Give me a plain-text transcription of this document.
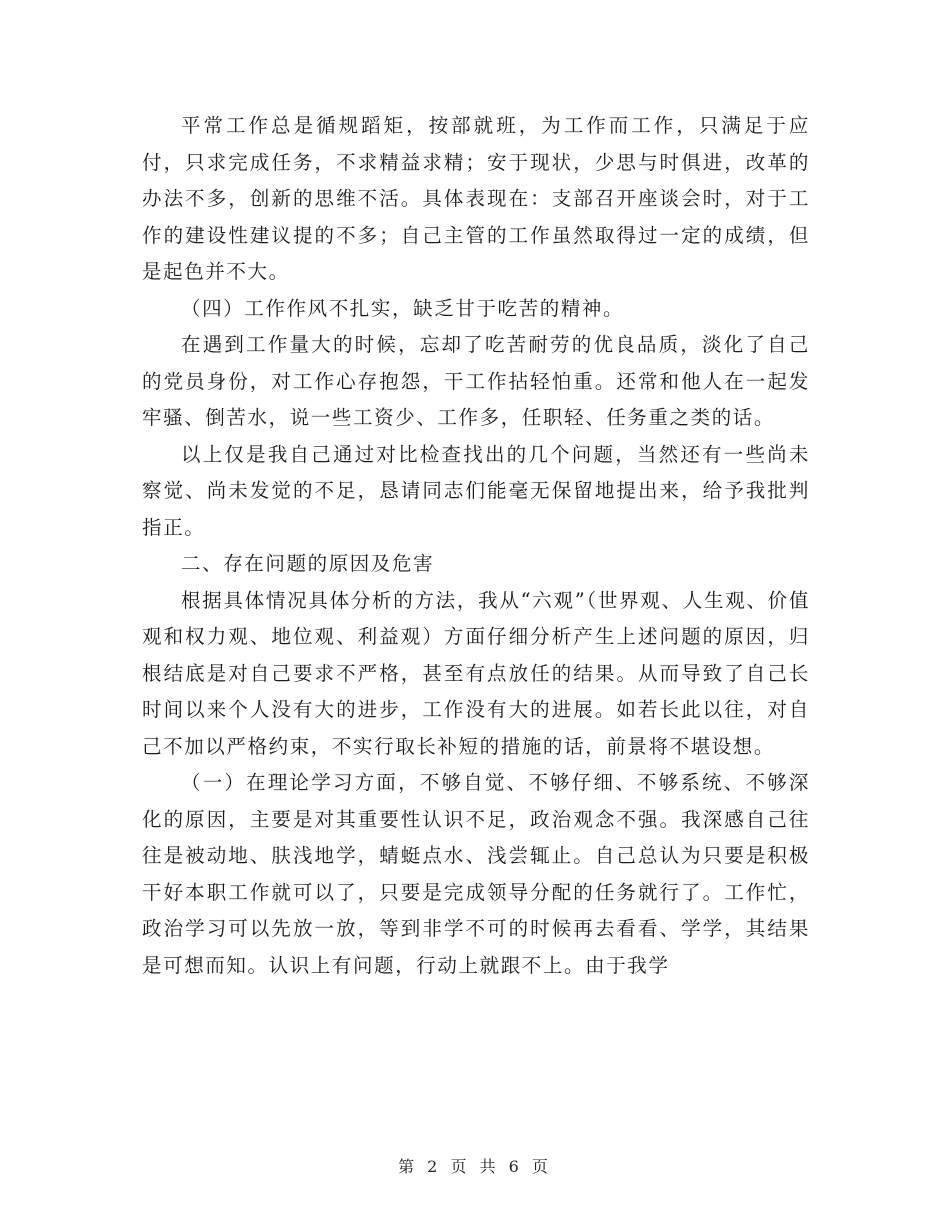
平常工作总是循规蹈矩，按部就班，为工作而工作，只满足于应付，只求完成任务，不求精益求精；安于现状，少思与时俱进，改革的办法不多，创新的思维不活。具体表现在：支部召开座谈会时，对于工作的建设性建议提的不多；自己主管的工作虽然取得过一定的成绩，但是起色并不大。

（四）工作作风不扎实，缺乏甘于吃苦的精神。

在遇到工作量大的时候，忘却了吃苦耐劳的优良品质，淡化了自己的党员身份，对工作心存抱怨，干工作拈轻怕重。还常和他人在一起发牢骚、倒苦水，说一些工资少、工作多，任职轻、任务重之类的话。

以上仅是我自己通过对比检查找出的几个问题，当然还有一些尚未察觉、尚未发觉的不足，恳请同志们能毫无保留地提出来，给予我批判指正。

二、存在问题的原因及危害

根据具体情况具体分析的方法，我从“六观”（世界观、人生观、价值观和权力观、地位观、利益观）方面仔细分析产生上述问题的原因，归根结底是对自己要求不严格，甚至有点放任的结果。从而导致了自己长时间以来个人没有大的进步，工作没有大的进展。如若长此以往，对自己不加以严格约束，不实行取长补短的措施的话，前景将不堪设想。

（一）在理论学习方面，不够自觉、不够仔细、不够系统、不够深化的原因，主要是对其重要性认识不足，政治观念不强。我深感自己往往是被动地、肤浅地学，蜻蜓点水、浅尝辄止。自己总认为只要是积极干好本职工作就可以了，只要是完成领导分配的任务就行了。工作忙，政治学习可以先放一放，等到非学不可的时候再去看看、学学，其结果是可想而知。认识上有问题，行动上就跟不上。由于我学

第 2 页 共 6 页
